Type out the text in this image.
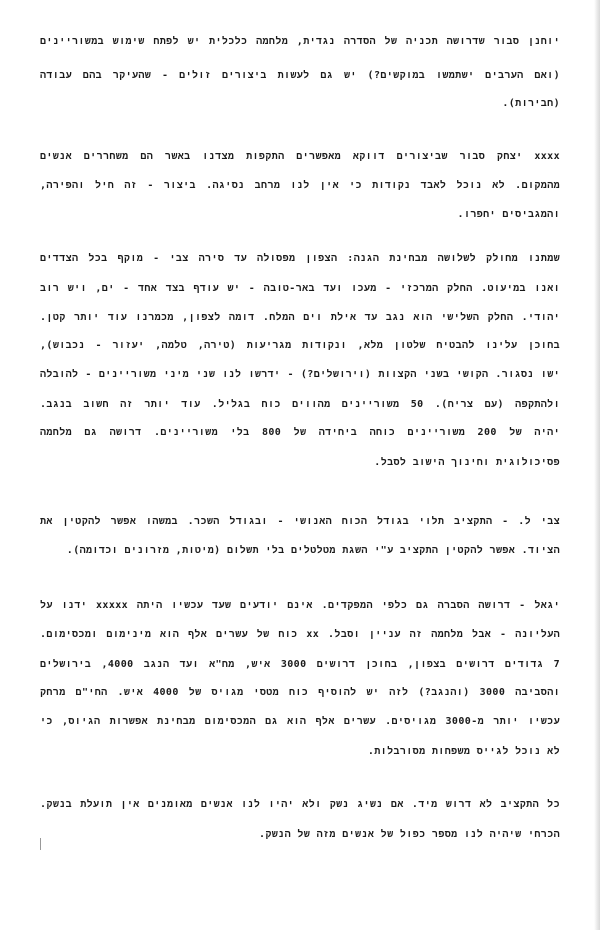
יוחנן סבור שדרושה תכניה של הסדרה נגדית, מלחמה כלכלית יש לפתח שימוש במשוריינים
(ואם הערבים ישתמשו במוקשים?) יש גם לעשות ביצורים זולים - שהעיקר בהם עבודה
(חבירות).
xxxx יצחק סבור שביצורים דווקא מאפשרים התקפות מצדנו באשר הם משחררים אנשים
מהמקום. לא נוכל לאבד נקודות כי אין לנו מרחב נסיגה. ביצור - זה חיל והפירה,
והמגביסים יחפרו.
שמתנו מחולק לשלושה מבחינת הגנה: הצפון מפסולה עד סירה צבי - מוקף בכל הצדדים
ואנו במיעוט. החלק המרכזי - מעכו ועד באר-טובה - יש עודף בצד אחד - ים, ויש רוב
יהודי. החלק השלישי הוא נגב עד אילת וים המלח. דומה לצפון, מכמרנו עוד יותר קטן.
בחוכן עלינו להבטיח שלטון מלא, ונקודות מגריעות (טירה, טלמה, יעזור - נכבוש),
ישו נסגור. הקושי בשני הקצוות (וירושלים?) - ידרשו לנו שני מיני משוריינים - להובלה
ולהתקפה (עם צריח). 50 משוריינים מהווים כוח בגליל. עוד יותר זה חשוב בנגב.
יהיה של 200 משוריינים כוחה ביחידה של 800 בלי משוריינים. דרושה גם מלחמה
פסיכולוגית וחינוך הישוב לסבל.
צבי ל. - התקציב תלוי בגודל הכוח האנושי - ובגודל השכר. במשהו אפשר להקטין את
הציוד. אפשר להקטין התקציב ע"י השגת מטלטלים בלי תשלום (מיטות, מזרונים וכדומה).
יגאל - דרושה הסברה גם כלפי המפקדים. אינם יודעים שעד עכשיו היתה xxxxx ידנו על
העליונה - אבל מלחמה זה עניין וסבל. xx כוח של עשרים אלף הוא מינימום ומכסימום.
7 גדודים דרושים בצפון, בחוכן דרושים 3000 איש, מח"א ועד הנגב 4000, בירושלים
והסביבה 3000 (והנגב?) לזה יש להוסיף כוח מטסי מגויס של 4000 איש. החי"ם מרחק
עכשיו יותר מ-3000 מגויסים. עשרים אלף הוא גם המכסימום מבחינת אפשרות הגיוס, כי
לא נוכל לגייס משפחות מסורבלות.
כל התקציב לא דרוש מיד. אם נשיג נשק ולא יהיו לנו אנשים מאומנים אין תועלת בנשק.
הכרחי שיהיה לנו מספר כפול של אנשים מזה של הנשק.
